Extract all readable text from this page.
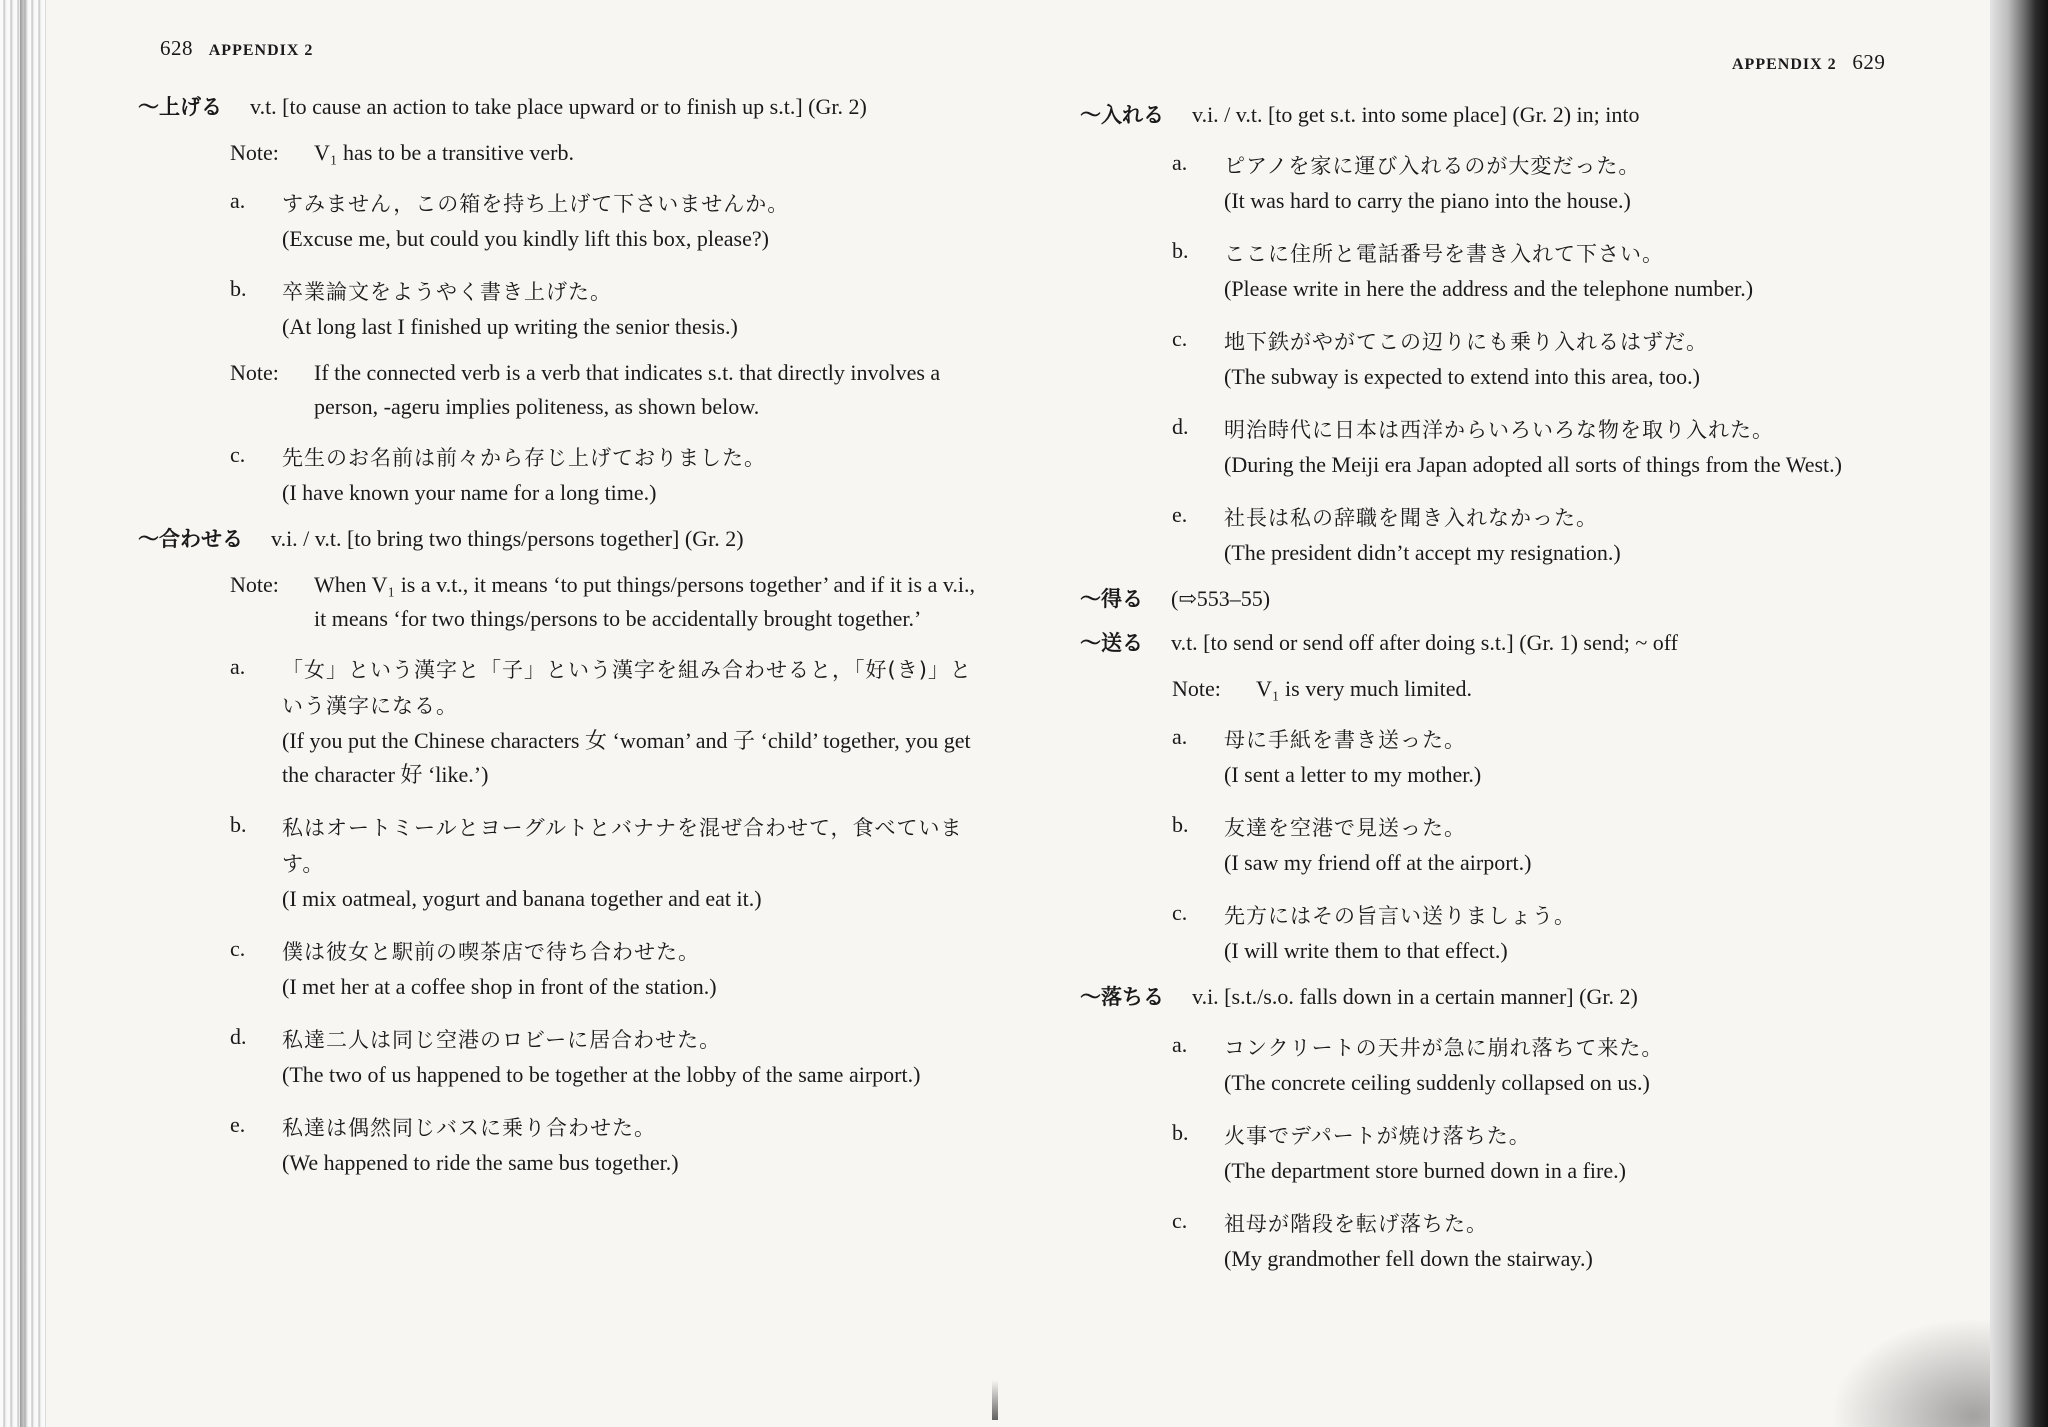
628 APPENDIX 2
〜上げる v.t. [to cause an action to take place upward or to finish up s.t.] (Gr. 2)
Note: V₁ has to be a transitive verb.
a. すみません，この箱を持ち上げて下さいませんか。
(Excuse me, but could you kindly lift this box, please?)
b. 卒業論文をようやく書き上げた。
(At long last I finished up writing the senior thesis.)
Note: If the connected verb is a verb that indicates s.t. that directly involves a person, -ageru implies politeness, as shown below.
c. 先生のお名前は前々から存じ上げておりました。
(I have known your name for a long time.)
〜合わせる v.i. / v.t. [to bring two things/persons together] (Gr. 2)
Note: When V₁ is a v.t., it means ‘to put things/persons together’ and if it is a v.i., it means ‘for two things/persons to be accidentally brought together.’
a. 「女」という漢字と「子」という漢字を組み合わせると，「好(き)」という漢字になる。
(If you put the Chinese characters 女 ‘woman’ and 子 ‘child’ together, you get the character 好 ‘like.’)
b. 私はオートミールとヨーグルトとバナナを混ぜ合わせて，食べています。
(I mix oatmeal, yogurt and banana together and eat it.)
c. 僕は彼女と駅前の喫茶店で待ち合わせた。
(I met her at a coffee shop in front of the station.)
d. 私達二人は同じ空港のロビーに居合わせた。
(The two of us happened to be together at the lobby of the same airport.)
e. 私達は偶然同じバスに乗り合わせた。
(We happened to ride the same bus together.)
APPENDIX 2 629
〜入れる v.i. / v.t. [to get s.t. into some place] (Gr. 2) in; into
a. ピアノを家に運び入れるのが大変だった。
(It was hard to carry the piano into the house.)
b. ここに住所と電話番号を書き入れて下さい。
(Please write in here the address and the telephone number.)
c. 地下鉄がやがてこの辺りにも乗り入れるはずだ。
(The subway is expected to extend into this area, too.)
d. 明治時代に日本は西洋からいろいろな物を取り入れた。
(During the Meiji era Japan adopted all sorts of things from the West.)
e. 社長は私の辞職を聞き入れなかった。
(The president didn’t accept my resignation.)
〜得る (⇨553–55)
〜送る v.t. [to send or send off after doing s.t.] (Gr. 1) send; ~ off
Note: V₁ is very much limited.
a. 母に手紙を書き送った。
(I sent a letter to my mother.)
b. 友達を空港で見送った。
(I saw my friend off at the airport.)
c. 先方にはその旨言い送りましょう。
(I will write them to that effect.)
〜落ちる v.i. [s.t./s.o. falls down in a certain manner] (Gr. 2)
a. コンクリートの天井が急に崩れ落ちて来た。
(The concrete ceiling suddenly collapsed on us.)
b. 火事でデパートが焼け落ちた。
(The department store burned down in a fire.)
c. 祖母が階段を転げ落ちた。
(My grandmother fell down the stairway.)
